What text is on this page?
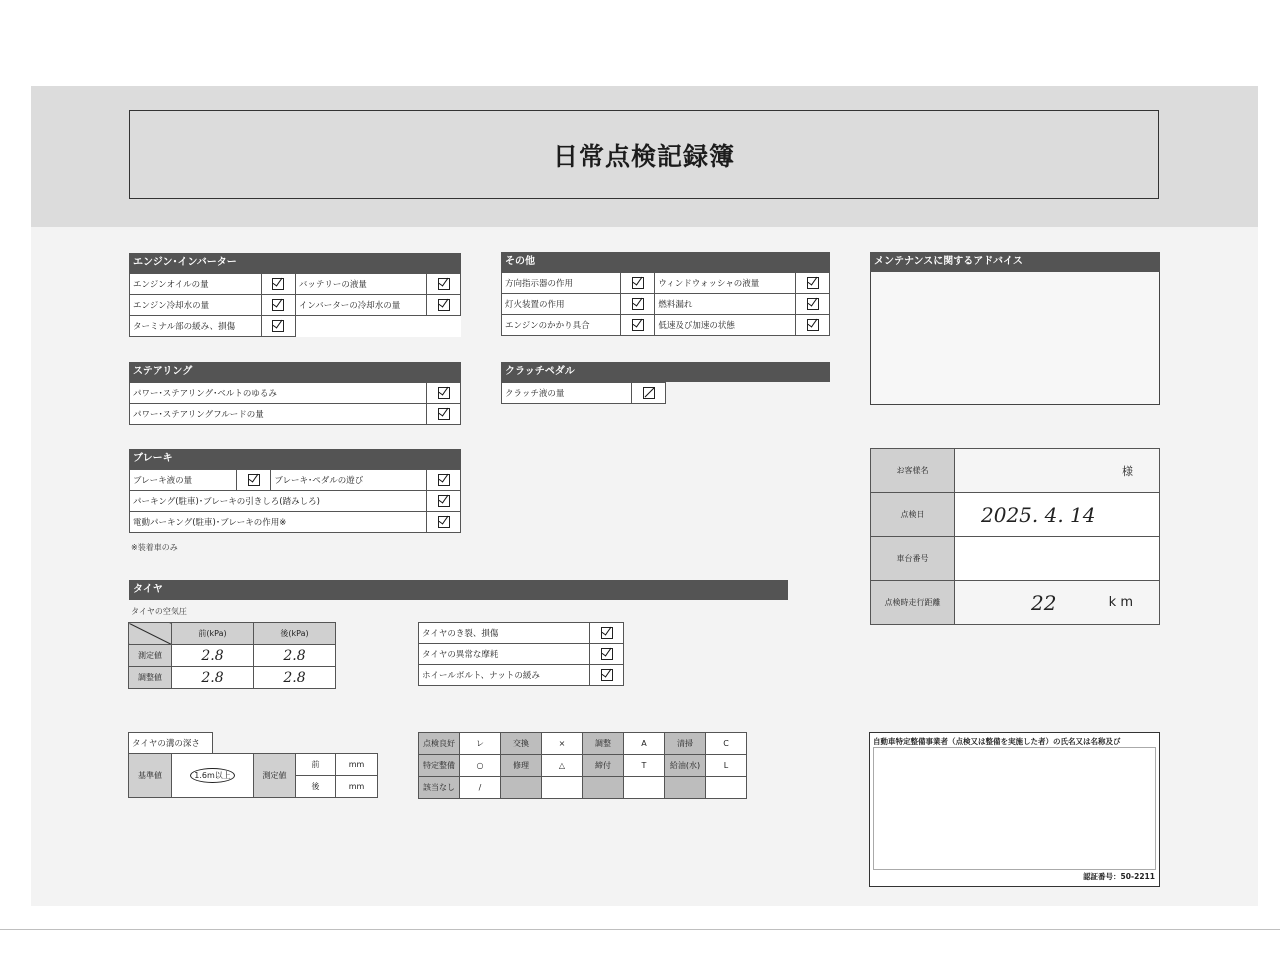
日常点検記録簿
エンジン･インバーター
エンジンオイルの量		バッテリーの液量	
エンジン冷却水の量		インバーターの冷却水の量	
ターミナル部の緩み、損傷			
その他
方向指示器の作用		ウィンドウォッシャの液量	
灯火装置の作用		燃料漏れ	
エンジンのかかり具合		低速及び加速の状態	
メンテナンスに関するアドバイス
ステアリング
パワー･ステアリング･ベルトのゆるみ	
パワー･ステアリングフルードの量	
クラッチペダル
クラッチ液の量	
ブレーキ
ブレーキ液の量		ブレーキ･ペダルの遊び	
パーキング(駐車)･ブレーキの引きしろ(踏みしろ)			
電動パーキング(駐車)･ブレーキの作用※			
※装着車のみ
お客様名	様

点検日	2025. 4. 14

車台番号	
点検時走行距離	22 k m
タイヤ
タイヤの空気圧
	前(kPa)	後(kPa)
測定値	2.8	2.8
調整値	2.8	2.8
タイヤのき裂、損傷	
タイヤの異常な摩耗	
ホイールボルト、ナットの緩み	
タイヤの溝の深さ
基準値	1.6m以上	測定値	前	mm
			後	mm
点検良好	レ	交換	×	調整	A	清掃	C
特定整備	○	修理	△	締付	T	給油(水)	L
該当なし	/						
自動車特定整備事業者（点検又は整備を実施した者）の氏名又は名称及び
認証番号：50-2211
